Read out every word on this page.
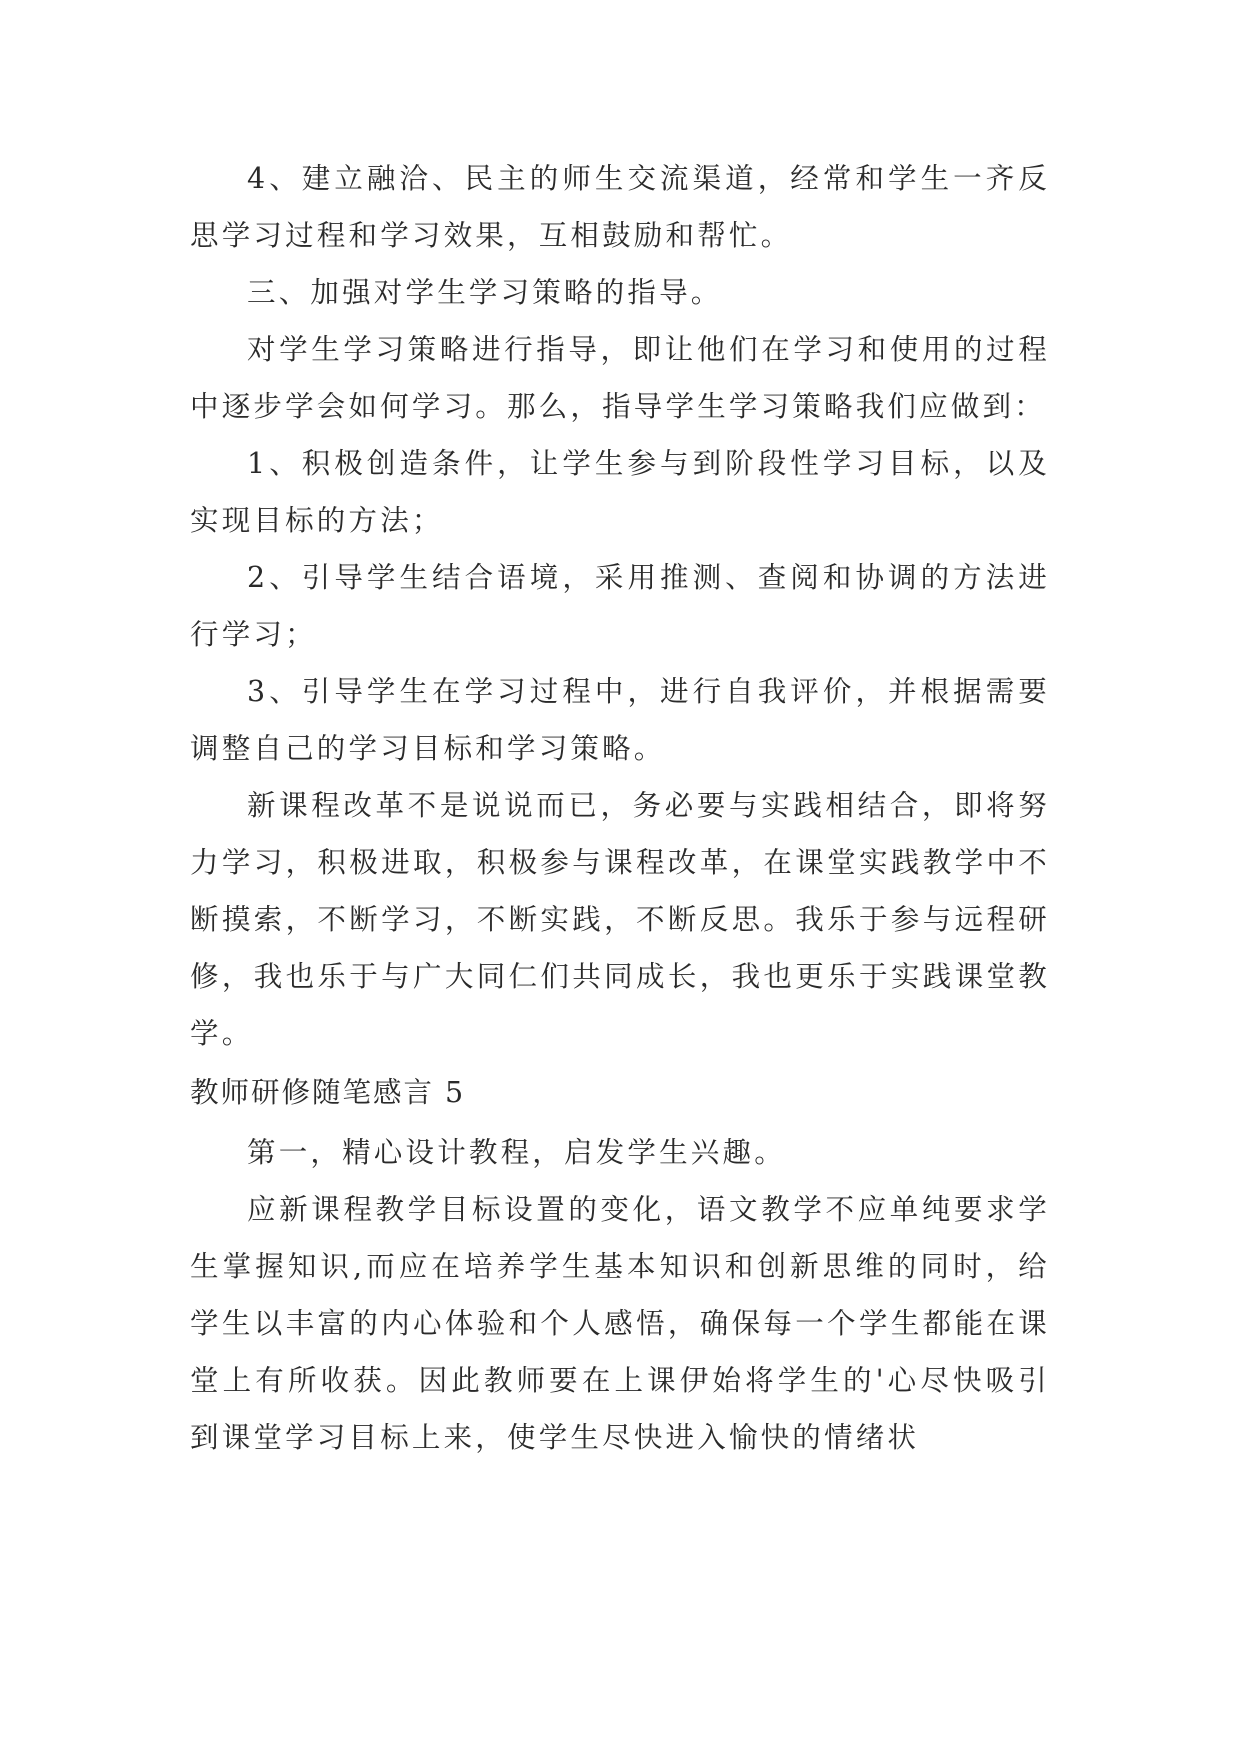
4、建立融洽、民主的师生交流渠道，经常和学生一齐反思学习过程和学习效果，互相鼓励和帮忙。

三、加强对学生学习策略的指导。

对学生学习策略进行指导，即让他们在学习和使用的过程中逐步学会如何学习。那么，指导学生学习策略我们应做到：

1、积极创造条件，让学生参与到阶段性学习目标，以及实现目标的方法；

2、引导学生结合语境，采用推测、查阅和协调的方法进行学习；

3、引导学生在学习过程中，进行自我评价，并根据需要调整自己的学习目标和学习策略。

新课程改革不是说说而已，务必要与实践相结合，即将努力学习，积极进取，积极参与课程改革，在课堂实践教学中不断摸索，不断学习，不断实践，不断反思。我乐于参与远程研修，我也乐于与广大同仁们共同成长，我也更乐于实践课堂教学。

教师研修随笔感言 5

第一，精心设计教程，启发学生兴趣。

应新课程教学目标设置的变化，语文教学不应单纯要求学生掌握知识,而应在培养学生基本知识和创新思维的同时，给学生以丰富的内心体验和个人感悟，确保每一个学生都能在课堂上有所收获。因此教师要在上课伊始将学生的'心尽快吸引到课堂学习目标上来，使学生尽快进入愉快的情绪状
